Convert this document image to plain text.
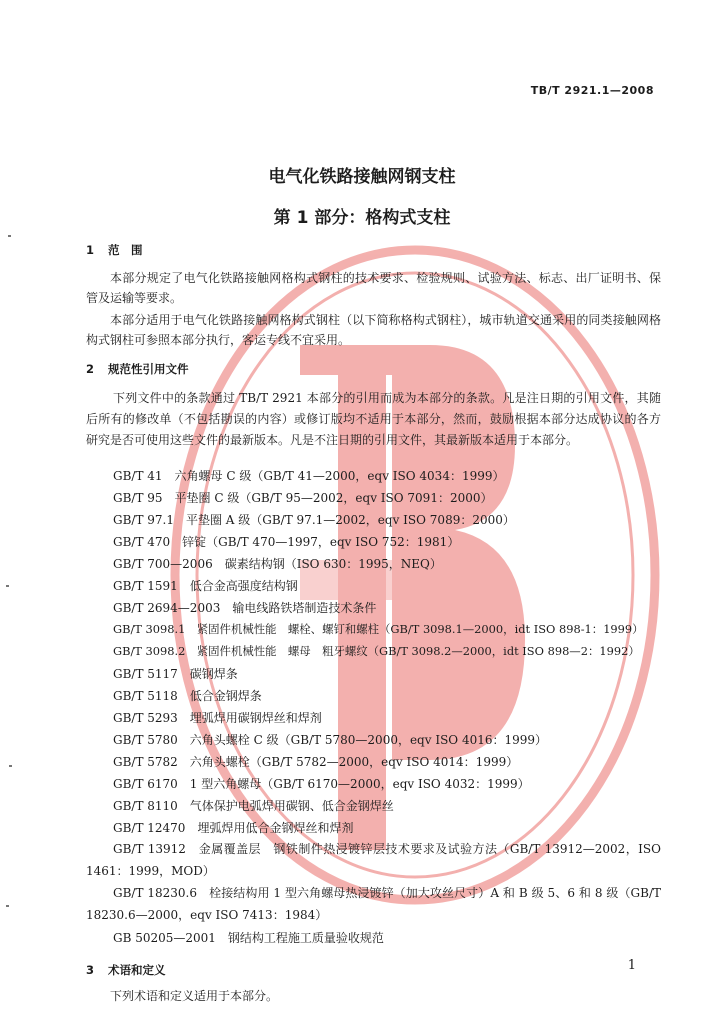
TB/T 2921.1—2008
电气化铁路接触网钢支柱
第 1 部分：格构式支柱
1 范　围

本部分规定了电气化铁路接触网格构式钢柱的技术要求、检验规则、试验方法、标志、出厂证明书、保管及运输等要求。

本部分适用于电气化铁路接触网格构式钢柱（以下简称格构式钢柱），城市轨道交通采用的同类接触网格构式钢柱可参照本部分执行，客运专线不宜采用。

2 规范性引用文件

下列文件中的条款通过 TB/T 2921 本部分的引用而成为本部分的条款。凡是注日期的引用文件，其随后所有的修改单（不包括勘误的内容）或修订版均不适用于本部分，然而，鼓励根据本部分达成协议的各方研究是否可使用这些文件的最新版本。凡是不注日期的引用文件，其最新版本适用于本部分。

GB/T 41　六角螺母 C 级（GB/T 41—2000，eqv ISO 4034：1999）
GB/T 95　平垫圈 C 级（GB/T 95—2002，eqv ISO 7091：2000）
GB/T 97.1　平垫圈 A 级（GB/T 97.1—2002，eqv ISO 7089：2000）
GB/T 470　锌锭（GB/T 470—1997，eqv ISO 752：1981）
GB/T 700—2006　碳素结构钢（ISO 630：1995，NEQ）
GB/T 1591　低合金高强度结构钢
GB/T 2694—2003　输电线路铁塔制造技术条件
GB/T 3098.1　紧固件机械性能　螺栓、螺钉和螺柱（GB/T 3098.1—2000，idt ISO 898-1：1999）
GB/T 3098.2　紧固件机械性能　螺母　粗牙螺纹（GB/T 3098.2—2000，idt ISO 898—2：1992）
GB/T 5117　碳钢焊条
GB/T 5118　低合金钢焊条
GB/T 5293　埋弧焊用碳钢焊丝和焊剂
GB/T 5780　六角头螺栓 C 级（GB/T 5780—2000，eqv ISO 4016：1999）
GB/T 5782　六角头螺栓（GB/T 5782—2000，eqv ISO 4014：1999）
GB/T 6170　1 型六角螺母（GB/T 6170—2000，eqv ISO 4032：1999）
GB/T 8110　气体保护电弧焊用碳钢、低合金钢焊丝
GB/T 12470　埋弧焊用低合金钢焊丝和焊剂

GB/T 13912　金属覆盖层　钢铁制件热浸镀锌层技术要求及试验方法（GB/T 13912—2002，ISO 1461：1999，MOD）

GB/T 18230.6　栓接结构用 1 型六角螺母热浸镀锌（加大攻丝尺寸）A 和 B 级 5、6 和 8 级（GB/T 18230.6—2000，eqv ISO 7413：1984）

GB 50205—2001　钢结构工程施工质量验收规范
3 术语和定义

下列术语和定义适用于本部分。

1
